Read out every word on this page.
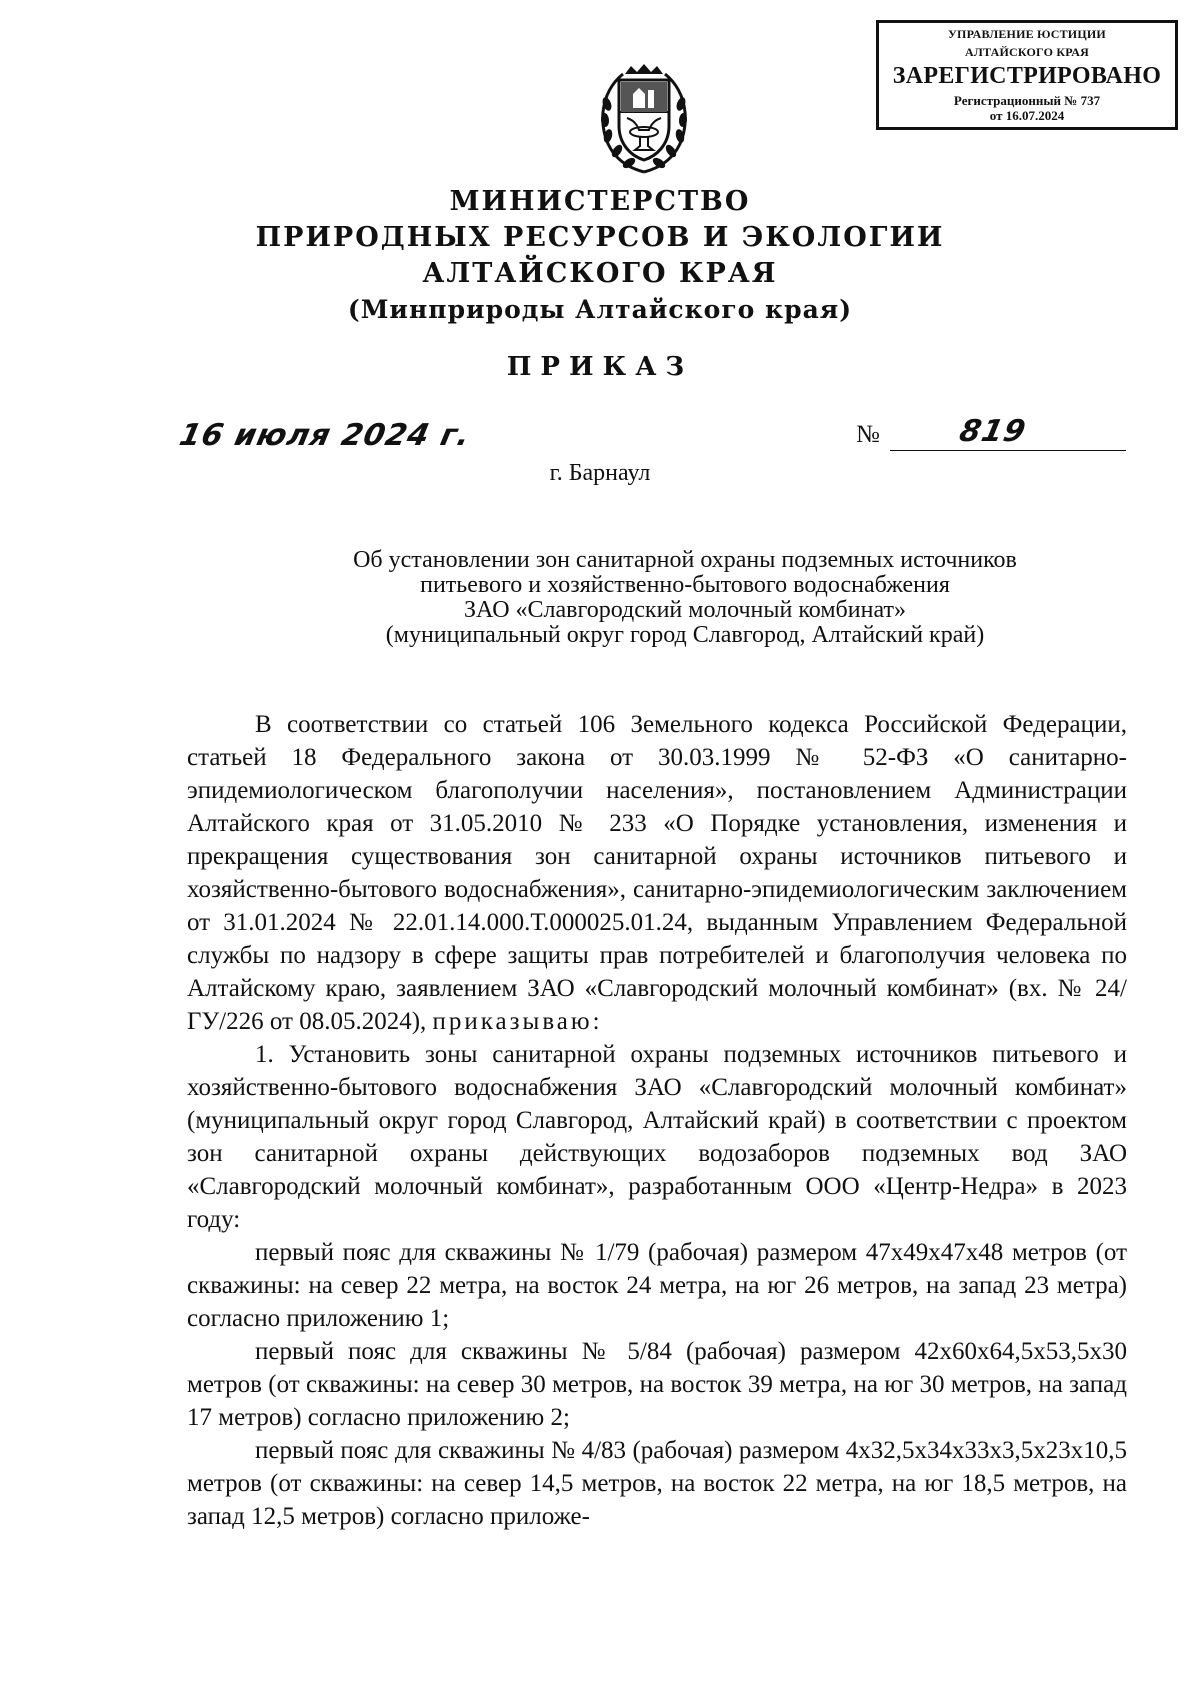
УПРАВЛЕНИЕ ЮСТИЦИИ
АЛТАЙСКОГО КРАЯ
ЗАРЕГИСТРИРОВАНО
Регистрационный № 737
от 16.07.2024
МИНИСТЕРСТВО
ПРИРОДНЫХ РЕСУРСОВ И ЭКОЛОГИИ
АЛТАЙСКОГО КРАЯ
(Минприроды Алтайского края)
ПРИКАЗ
16 июля 2024 г.	№	819
г. Барнаул
Об установлении зон санитарной охраны подземных источников
питьевого и хозяйственно-бытового водоснабжения
ЗАО «Славгородский молочный комбинат»
(муниципальный округ город Славгород, Алтайский край)

В соответствии со статьей 106 Земельного кодекса Российской Федерации, статьей 18 Федерального закона от 30.03.1999 № 52-ФЗ «О санитарно-эпидемиологическом благополучии населения», постановлением Администрации Алтайского края от 31.05.2010 № 233 «О Порядке установления, изменения и прекращения существования зон санитарной охраны источников питьевого и хозяйственно-бытового водоснабжения», санитарно-эпидемиологическим заключением от 31.01.2024 № 22.01.14.000.Т.000025.01.24, выданным Управлением Федеральной службы по надзору в сфере защиты прав потребителей и благополучия человека по Алтайскому краю, заявлением ЗАО «Славгородский молочный комбинат» (вх. № 24/ГУ/226 от 08.05.2024), приказываю:

1. Установить зоны санитарной охраны подземных источников питьевого и хозяйственно-бытового водоснабжения ЗАО «Славгородский молочный комбинат» (муниципальный округ город Славгород, Алтайский край) в соответствии с проектом зон санитарной охраны действующих водозаборов подземных вод ЗАО «Славгородский молочный комбинат», разработанным ООО «Центр-Недра» в 2023 году:

первый пояс для скважины № 1/79 (рабочая) размером 47х49х47х48 метров (от скважины: на север 22 метра, на восток 24 метра, на юг 26 метров, на запад 23 метра) согласно приложению 1;

первый пояс для скважины № 5/84 (рабочая) размером 42х60х64,5х53,5х30 метров (от скважины: на север 30 метров, на восток 39 метра, на юг 30 метров, на запад 17 метров) согласно приложению 2;

первый пояс для скважины № 4/83 (рабочая) размером 4х32,5х34х33х3,5х23х10,5 метров (от скважины: на север 14,5 метров, на восток 22 метра, на юг 18,5 метров, на запад 12,5 метров) согласно приложе-
